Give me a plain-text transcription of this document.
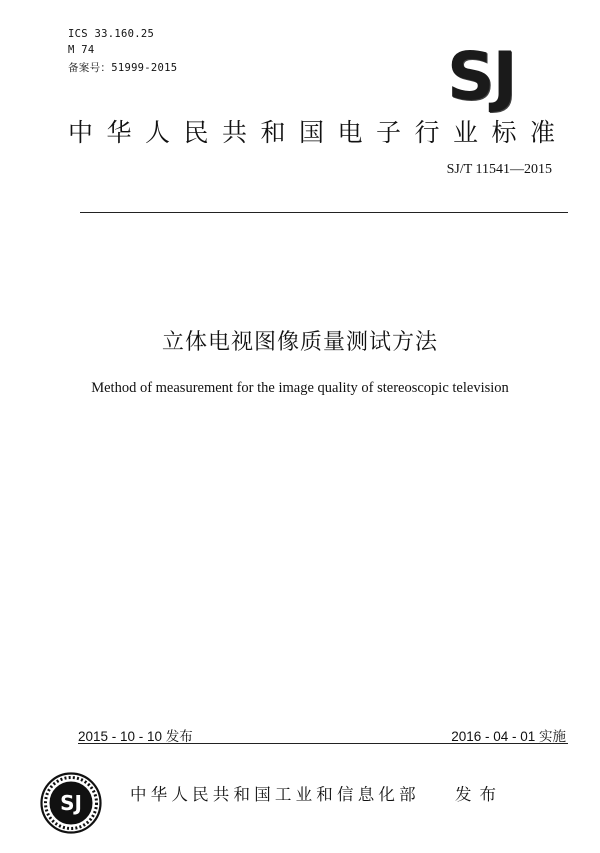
ICS 33.160.25
M 74
备案号：51999-2015	SJ
中华人民共和国电子行业标准
SJ/T 11541—2015
立体电视图像质量测试方法
Method of measurement for the image quality of stereoscopic television
2015 - 10 - 10 发布	2016 - 04 - 01 实施
SJ	中华人民共和国工业和信息化部 发布
